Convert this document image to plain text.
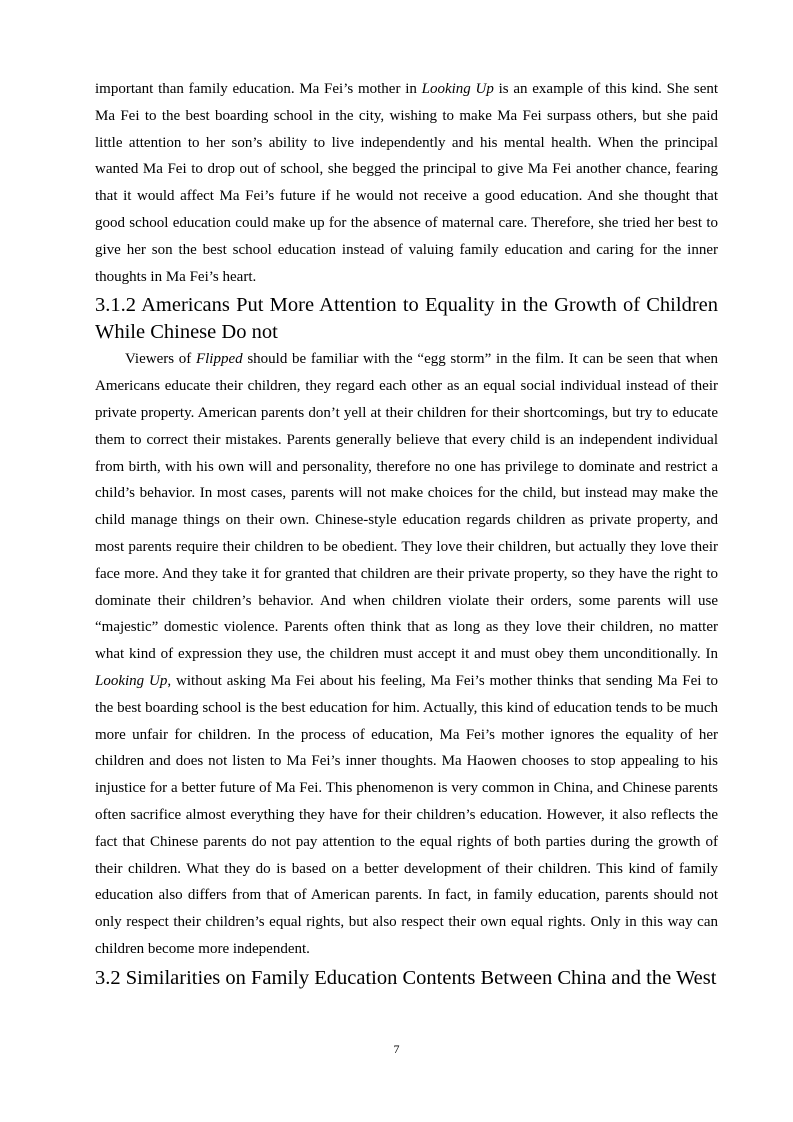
important than family education. Ma Fei’s mother in Looking Up is an example of this kind. She sent Ma Fei to the best boarding school in the city, wishing to make Ma Fei surpass others, but she paid little attention to her son’s ability to live independently and his mental health. When the principal wanted Ma Fei to drop out of school, she begged the principal to give Ma Fei another chance, fearing that it would affect Ma Fei’s future if he would not receive a good education. And she thought that good school education could make up for the absence of maternal care. Therefore, she tried her best to give her son the best school education instead of valuing family education and caring for the inner thoughts in Ma Fei’s heart.

3.1.2 Americans Put More Attention to Equality in the Growth of Children While Chinese Do not

Viewers of Flipped should be familiar with the “egg storm” in the film. It can be seen that when Americans educate their children, they regard each other as an equal social individual instead of their private property. American parents don’t yell at their children for their shortcomings, but try to educate them to correct their mistakes. Parents generally believe that every child is an independent individual from birth, with his own will and personality, therefore no one has privilege to dominate and restrict a child’s behavior. In most cases, parents will not make choices for the child, but instead may make the child manage things on their own. Chinese-style education regards children as private property, and most parents require their children to be obedient. They love their children, but actually they love their face more. And they take it for granted that children are their private property, so they have the right to dominate their children’s behavior. And when children violate their orders, some parents will use “majestic” domestic violence. Parents often think that as long as they love their children, no matter what kind of expression they use, the children must accept it and must obey them unconditionally. In Looking Up, without asking Ma Fei about his feeling, Ma Fei’s mother thinks that sending Ma Fei to the best boarding school is the best education for him. Actually, this kind of education tends to be much more unfair for children. In the process of education, Ma Fei’s mother ignores the equality of her children and does not listen to Ma Fei’s inner thoughts. Ma Haowen chooses to stop appealing to his injustice for a better future of Ma Fei. This phenomenon is very common in China, and Chinese parents often sacrifice almost everything they have for their children’s education. However, it also reflects the fact that Chinese parents do not pay attention to the equal rights of both parties during the growth of their children. What they do is based on a better development of their children. This kind of family education also differs from that of American parents. In fact, in family education, parents should not only respect their children’s equal rights, but also respect their own equal rights. Only in this way can children become more independent.

3.2 Similarities on Family Education Contents Between China and the West
7
